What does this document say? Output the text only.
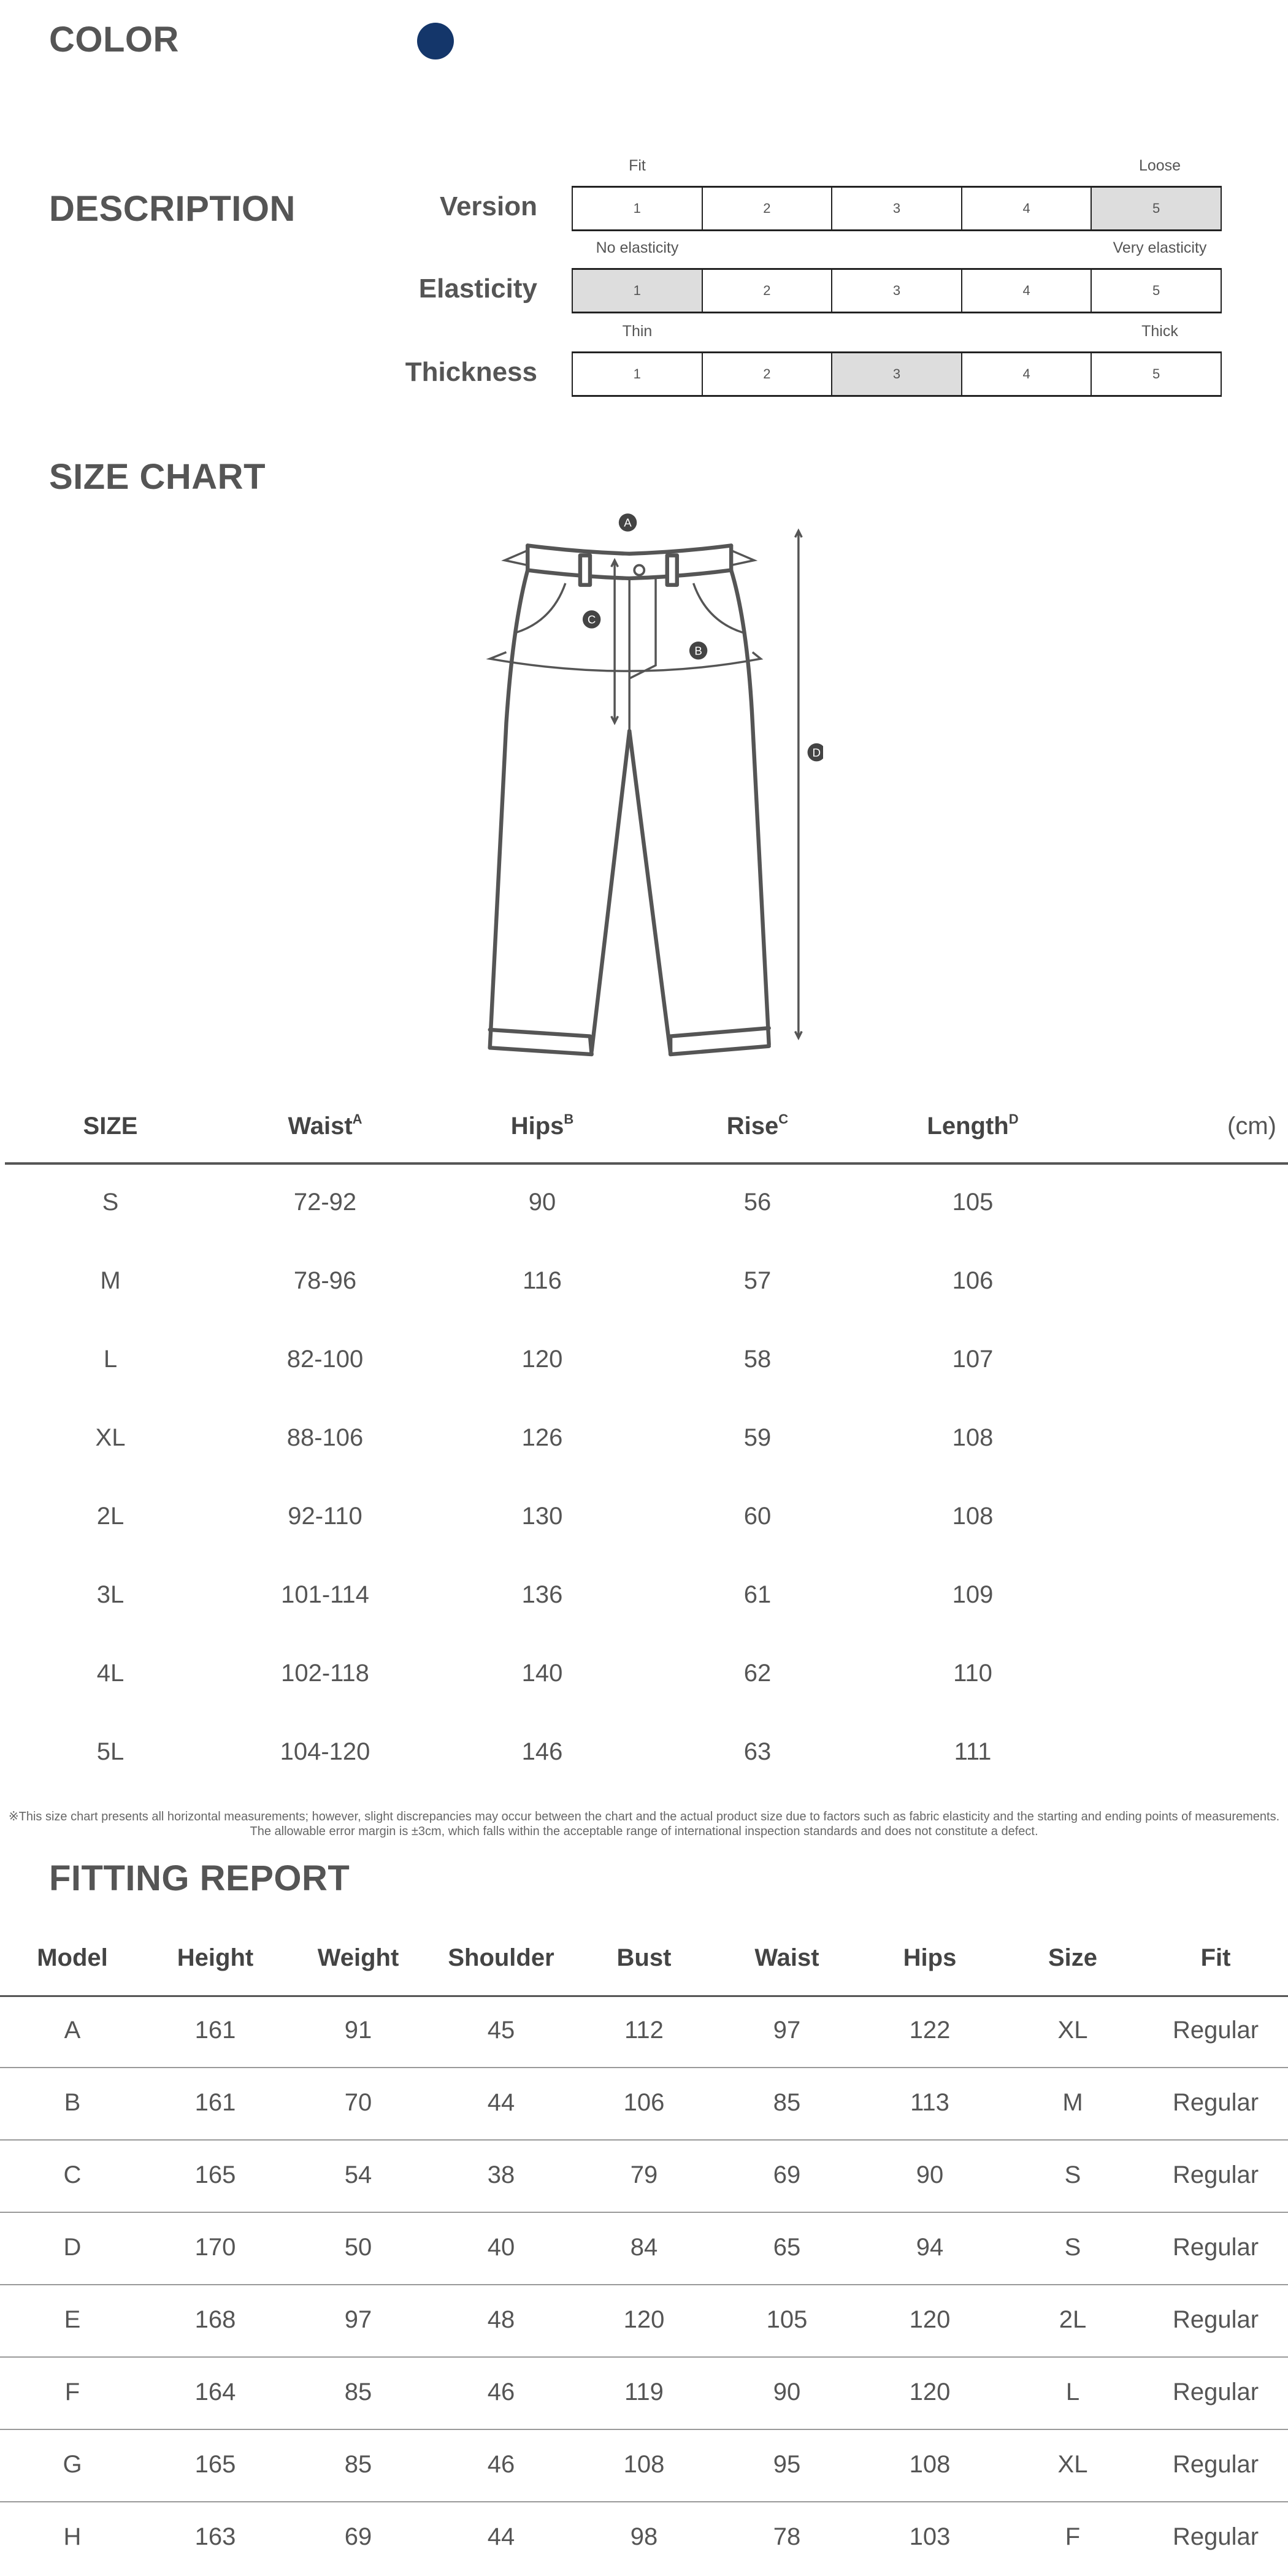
COLOR
DESCRIPTION	Version
Fit	Loose
1	2	3	4	5
Elasticity
No elasticity	Very elasticity
1	2	3	4	5
Thickness
Thin	Thick
1	2	3	4	5
SIZE CHART
A
C
B
D
SIZE	Waist$^A$	Hips$^B$	Rise$^C$	Length$^D$	(cm)
S	72-92	90	56	105
M	78-96	116	57	106
L	82-100	120	58	107
XL	88-106	126	59	108
2L	92-110	130	60	108
3L	101-114	136	61	109
4L	102-118	140	62	110
5L	104-120	146	63	111
※This size chart presents all horizontal measurements; however, slight discrepancies may occur between the chart and the actual product size due to factors such as fabric elasticity and the starting and ending points of measurements.
The allowable error margin is ±3cm, which falls within the acceptable range of international inspection standards and does not constitute a defect.
FITTING REPORT
Model	Height	Weight	Shoulder	Bust	Waist	Hips	Size	Fit
A	161	91	45	112	97	122	XL	Regular
B	161	70	44	106	85	113	M	Regular
C	165	54	38	79	69	90	S	Regular
D	170	50	40	84	65	94	S	Regular
E	168	97	48	120	105	120	2L	Regular
F	164	85	46	119	90	120	L	Regular
G	165	85	46	108	95	108	XL	Regular
H	163	69	44	98	78	103	F	Regular
